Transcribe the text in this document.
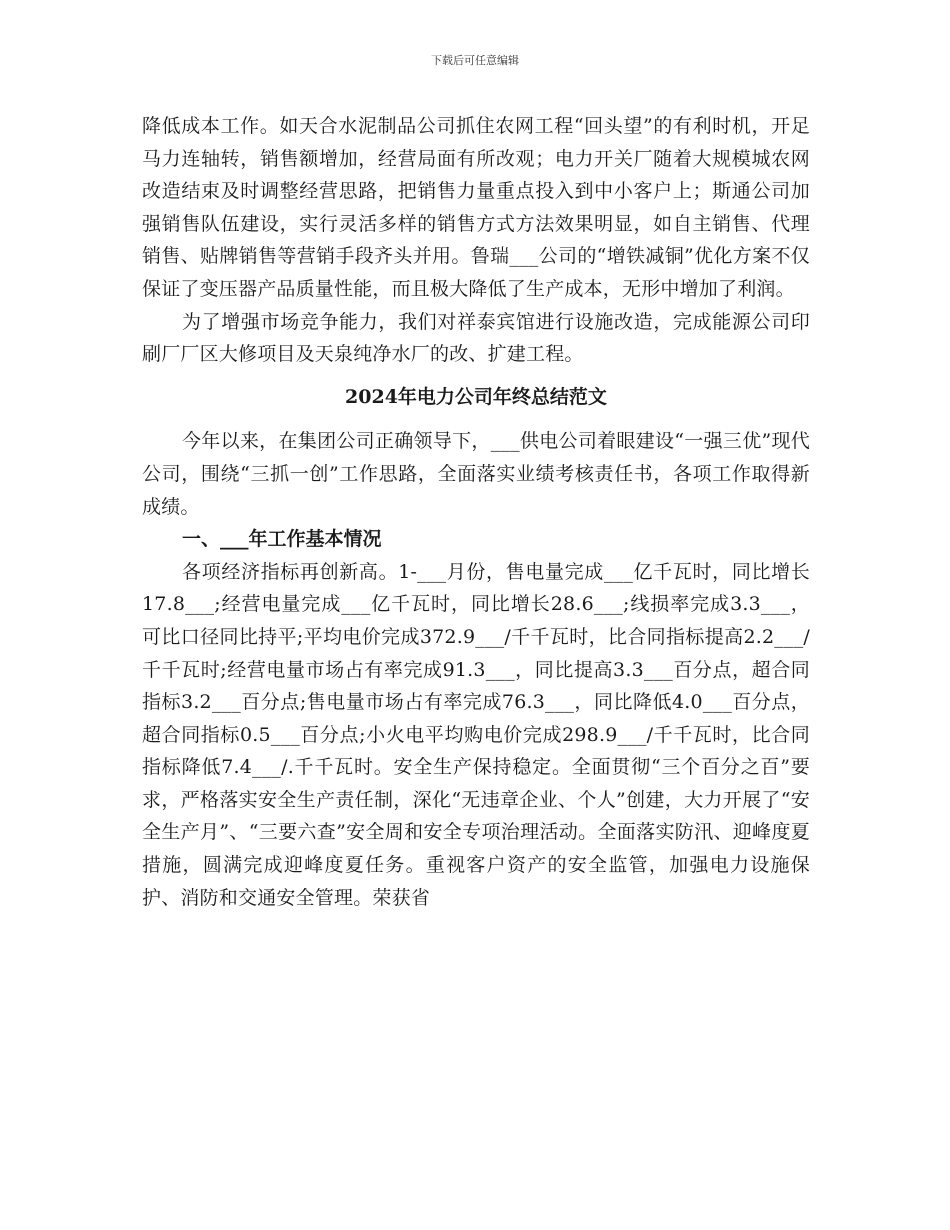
下载后可任意编辑

降低成本工作。如天合水泥制品公司抓住农网工程“回头望”的有利时机，开足马力连轴转，销售额增加，经营局面有所改观；电力开关厂随着大规模城农网改造结束及时调整经营思路，把销售力量重点投入到中小客户上；斯通公司加强销售队伍建设，实行灵活多样的销售方式方法效果明显，如自主销售、代理销售、贴牌销售等营销手段齐头并用。鲁瑞___公司的“增铁减铜”优化方案不仅保证了变压器产品质量性能，而且极大降低了生产成本，无形中增加了利润。

为了增强市场竞争能力，我们对祥泰宾馆进行设施改造，完成能源公司印刷厂厂区大修项目及天泉纯净水厂的改、扩建工程。

2024年电力公司年终总结范文

今年以来，在集团公司正确领导下，___供电公司着眼建设“一强三优”现代公司，围绕“三抓一创”工作思路，全面落实业绩考核责任书，各项工作取得新成绩。

一、___年工作基本情况

各项经济指标再创新高。1-___月份，售电量完成___亿千瓦时，同比增长17.8___;经营电量完成___亿千瓦时，同比增长28.6___;线损率完成3.3___，可比口径同比持平;平均电价完成372.9___/千千瓦时，比合同指标提高2.2___/千千瓦时;经营电量市场占有率完成91.3___，同比提高3.3___百分点，超合同指标3.2___百分点;售电量市场占有率完成76.3___，同比降低4.0___百分点，超合同指标0.5___百分点;小火电平均购电价完成298.9___/千千瓦时，比合同指标降低7.4___/.千千瓦时。安全生产保持稳定。全面贯彻“三个百分之百”要求，严格落实安全生产责任制，深化“无违章企业、个人”创建，大力开展了“安全生产月”、“三要六查”安全周和安全专项治理活动。全面落实防汛、迎峰度夏措施，圆满完成迎峰度夏任务。重视客户资产的安全监管，加强电力设施保护、消防和交通安全管理。荣获省
